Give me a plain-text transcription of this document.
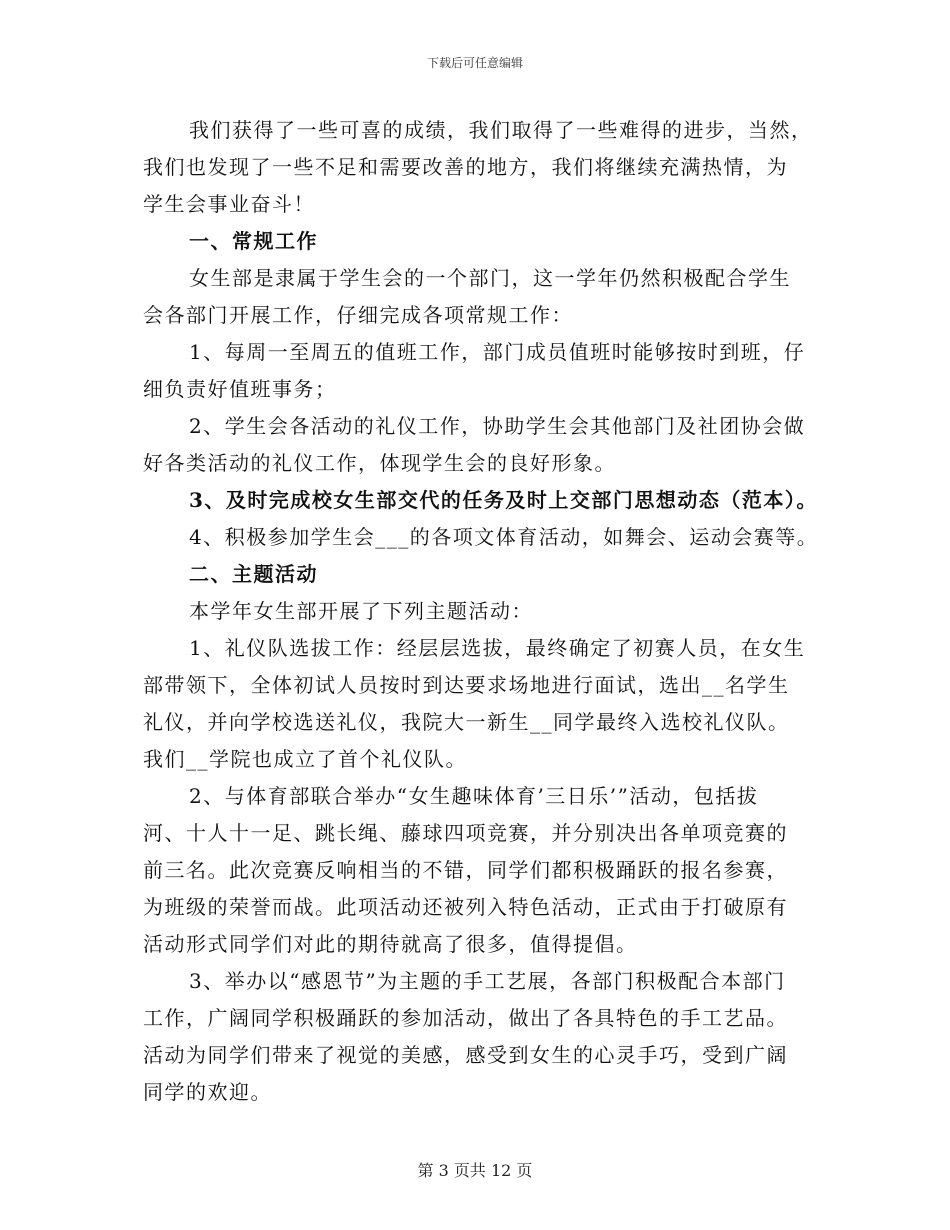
下载后可任意编辑
我们获得了一些可喜的成绩，我们取得了一些难得的进步，当然，
我们也发现了一些不足和需要改善的地方，我们将继续充满热情，为
学生会事业奋斗！
一、常规工作
女生部是隶属于学生会的一个部门，这一学年仍然积极配合学生
会各部门开展工作，仔细完成各项常规工作：
1、每周一至周五的值班工作，部门成员值班时能够按时到班，仔
细负责好值班事务；
2、学生会各活动的礼仪工作，协助学生会其他部门及社团协会做
好各类活动的礼仪工作，体现学生会的良好形象。
3、及时完成校女生部交代的任务及时上交部门思想动态（范本）。
4、积极参加学生会___的各项文体育活动，如舞会、运动会赛等。
二、主题活动
本学年女生部开展了下列主题活动：
1、礼仪队选拔工作：经层层选拔，最终确定了初赛人员，在女生
部带领下，全体初试人员按时到达要求场地进行面试，选出__名学生
礼仪，并向学校选送礼仪，我院大一新生__同学最终入选校礼仪队。
我们__学院也成立了首个礼仪队。
2、与体育部联合举办“女生趣味体育’三日乐’”活动，包括拔
河、十人十一足、跳长绳、藤球四项竞赛，并分别决出各单项竞赛的
前三名。此次竞赛反响相当的不错，同学们都积极踊跃的报名参赛，
为班级的荣誉而战。此项活动还被列入特色活动，正式由于打破原有
活动形式同学们对此的期待就高了很多，值得提倡。
3、举办以“感恩节”为主题的手工艺展，各部门积极配合本部门
工作，广阔同学积极踊跃的参加活动，做出了各具特色的手工艺品。
活动为同学们带来了视觉的美感，感受到女生的心灵手巧，受到广阔
同学的欢迎。
第 3 页共 12 页
